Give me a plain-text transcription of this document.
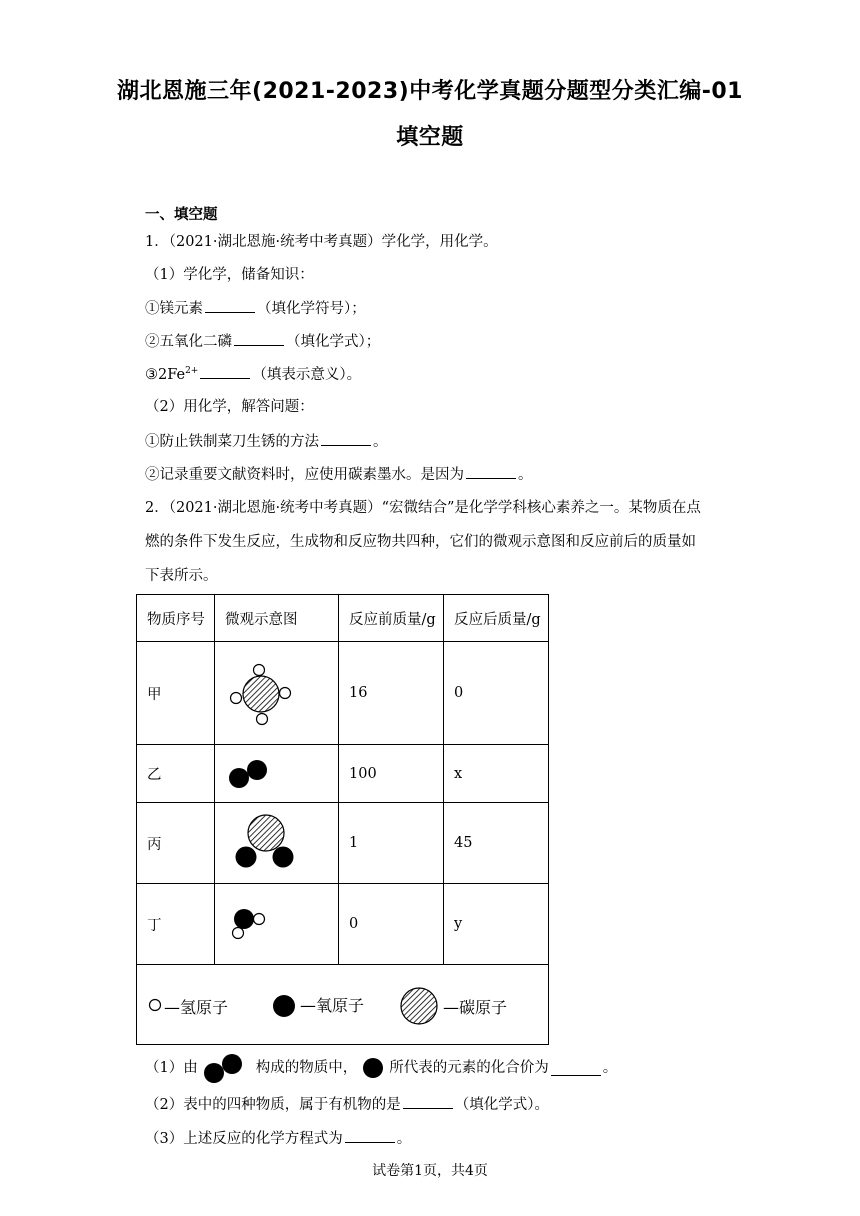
湖北恩施三年(2021-2023)中考化学真题分题型分类汇编-01
填空题
一、填空题
1．（2021·湖北恩施·统考中考真题）学化学，用化学。
（1）学化学，储备知识：
①镁元素	（填化学符号）；
②五氧化二磷	（填化学式）；
$③2Fe^{2+}$	（填表示意义）。
（2）用化学，解答问题：
①防止铁制菜刀生锈的方法	。
②记录重要文献资料时，应使用碳素墨水。是因为	。
2．（2021·湖北恩施·统考中考真题）“宏微结合”是化学学科核心素养之一。某物质在点
燃的条件下发生反应，生成物和反应物共四种，它们的微观示意图和反应前后的质量如
下表所示。
物质序号	微观示意图	反应前质量/g	反应后质量/g
甲		16	0
乙		100	x
丙		1	45
丁		0	y

—氢原子 —氧原子 —碳原子			
（1）由	构成的物质中， 所代表的元素的化合价为	。
（2）表中的四种物质，属于有机物的是	（填化学式）。
（3）上述反应的化学方程式为	。
试卷第1页，共4页
